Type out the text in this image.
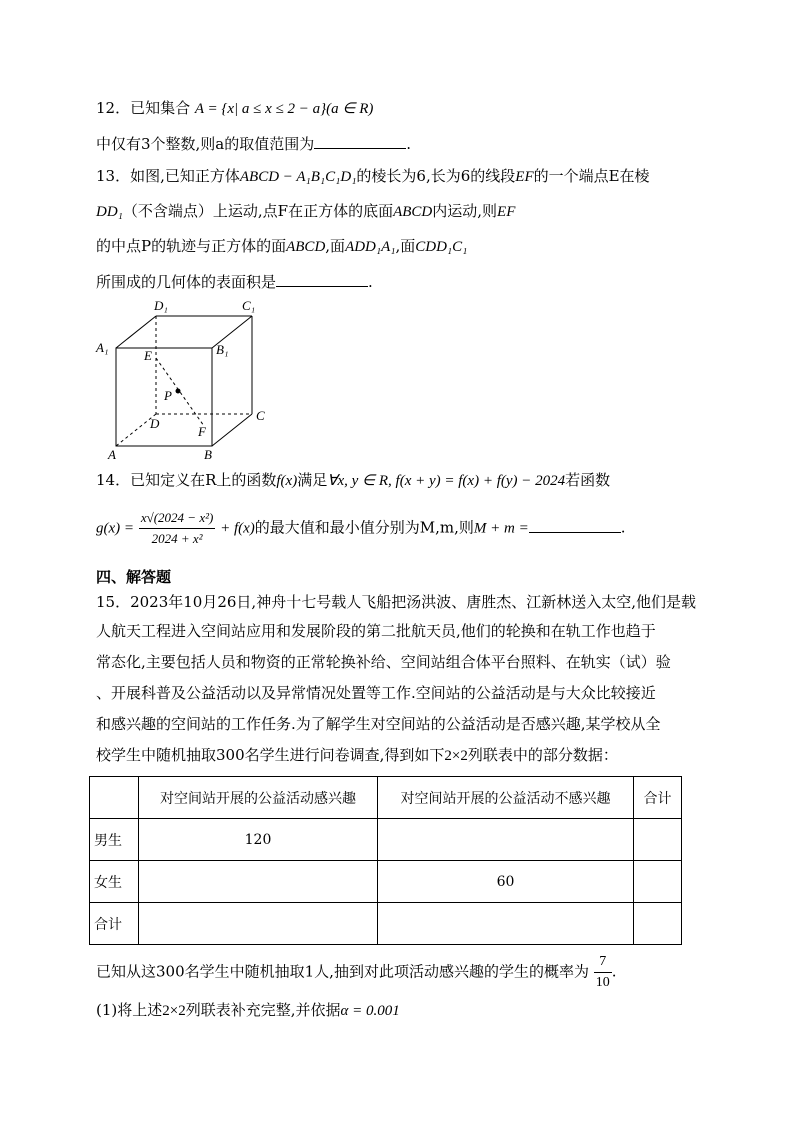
12．已知集合 A = {x| a ≤ x ≤ 2 − a}(a ∈ R)
中仅有3个整数,则a的取值范围为	.
13．如图,已知正方体ABCD − A₁B₁C₁D₁的棱长为6,长为6的线段EF的一个端点E在棱
DD₁（不含端点）上运动,点F在正方体的底面ABCD内运动,则EF
的中点P的轨迹与正方体的面ABCD,面ADD₁A₁,面CDD₁C₁
所围成的几何体的表面积是	.
A₁	B₁
C₁
D₁
E
P
D
F
C
A	B
14．已知定义在R上的函数f(x)满足∀x, y ∈ R, f(x + y) = f(x) + f(y) − 2024若函数
$g(x) = \frac{\text{x√(2024 − x²)}}{\text{2024 + x²}} + f(x)$的最大值和最小值分别为M,m,则M + m =	.
四、解答题
15．2023年10月26日,神舟十七号载人飞船把汤洪波、唐胜杰、江新林送入太空,他们是载
人航天工程进入空间站应用和发展阶段的第二批航天员,他们的轮换和在轨工作也趋于
常态化,主要包括人员和物资的正常轮换补给、空间站组合体平台照料、在轨实（试）验
、开展科普及公益活动以及异常情况处置等工作.空间站的公益活动是与大众比较接近
和感兴趣的空间站的工作任务.为了解学生对空间站的公益活动是否感兴趣,某学校从全
校学生中随机抽取300名学生进行问卷调查,得到如下2×2列联表中的部分数据：
	对空间站开展的公益活动感兴趣	对空间站开展的公益活动不感兴趣	合计
男生	120		
女生		60	
合计			
已知从这300名学生中随机抽取1人,抽到对此项活动感兴趣的学生的概率为 $\frac{7}{10}$ .
(1)将上述2×2列联表补充完整,并依据α = 0.001
